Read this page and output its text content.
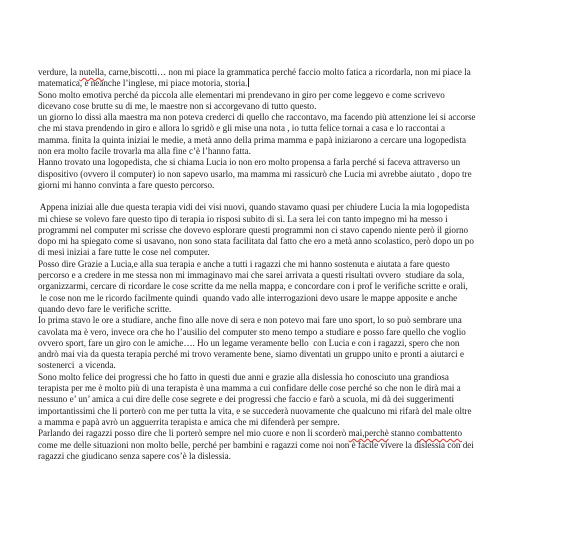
verdure, la nutella, carne,biscotti… non mi piace la grammatica perché faccio molto fatica a ricordarla, non mi piace la
matematica, e neanche l’inglese, mi piace motoria, storia.
Sono molto emotiva perché da piccola alle elementari mi prendevano in giro per come leggevo e come scrivevo
dicevano cose brutte su di me, le maestre non si accorgevano di tutto questo.
un giorno lo dissi alla maestra ma non poteva crederci di quello che raccontavo, ma facendo più attenzione lei si accorse
che mi stava prendendo in giro e allora lo sgridò e gli mise una nota , io tutta felice tornai a casa e lo raccontai a
mamma. finita la quinta iniziai le medie, a metà anno della prima mamma e papà iniziarono a cercare una logopedista
non era molto facile trovarla ma alla fine c’è l’hanno fatta.
Hanno trovato una logopedista, che si chiama Lucia io non ero molto propensa a farla perché si faceva attraverso un
dispositivo (ovvero il computer) io non sapevo usarlo, ma mamma mi rassicurò che Lucia mi avrebbe aiutato , dopo tre
giorni mi hanno convinta a fare questo percorso.
Appena iniziai alle due questa terapia vidi dei visi nuovi, quando stavamo quasi per chiudere Lucia la mia logopedista
mi chiese se volevo fare questo tipo di terapia io risposi subito di sì. La sera lei con tanto impegno mi ha messo i
programmi nel computer mi scrisse che dovevo esplorare questi programmi non ci stavo capendo niente però il giorno
dopo mi ha spiegato come si usavano, non sono stata facilitata dal fatto che ero a metà anno scolastico, però dopo un po
di mesi iniziai a fare tutte le cose nel computer.
Posso dire Grazie a Lucia,e alla sua terapia e anche a tutti i ragazzi che mi hanno sostenuta e aiutata a fare questo
percorso e a credere in me stessa non mi immaginavo mai che sarei arrivata a questi risultati ovvero  studiare da sola,
organizzarmi, cercare di ricordare le cose scritte da me nella mappa, e concordare con i prof le verifiche scritte e orali,
le cose non me le ricordo facilmente quindi  quando vado alle interrogazioni devo usare le mappe apposite e anche
quando devo fare le verifiche scritte.
Io prima stavo le ore a studiare, anche fino alle nove di sera e non potevo mai fare uno sport, lo so può sembrare una
cavolata ma è vero, invece ora che ho l’ausilio del computer sto meno tempo a studiare e posso fare quello che voglio
ovvero sport, fare un giro con le amiche…. Ho un legame veramente bello  con Lucia e con i ragazzi, spero che non
andrò mai via da questa terapia perché mi trovo veramente bene, siamo diventati un gruppo unito e pronti a aiutarci e
sostenerci  a vicenda.
Sono molto felice dei progressi che ho fatto in questi due anni e grazie alla dislessia ho conosciuto una grandiosa
terapista per me è molto più di una terapista è una mamma a cui confidare delle cose perché so che non le dirà mai a
nessuno e’ un’ amica a cui dire delle cose segrete e dei progressi che faccio e farò a scuola, mi dà dei suggerimenti
importantissimi che li porterò con me per tutta la vita, e se succederà nuovamente che qualcuno mi rifarà del male oltre
a mamma e papà avrò un agguerrita terapista e amica che mi difenderà per sempre.
Parlando dei ragazzi posso dire che li porterò sempre nel mio cuore e non li scorderò mai,perchè stanno combattento
come me delle situazioni non molto belle, perché per bambini e ragazzi come noi non è facile vivere la dislessia con dei
ragazzi che giudicano senza sapere cos’è la dislessia.
